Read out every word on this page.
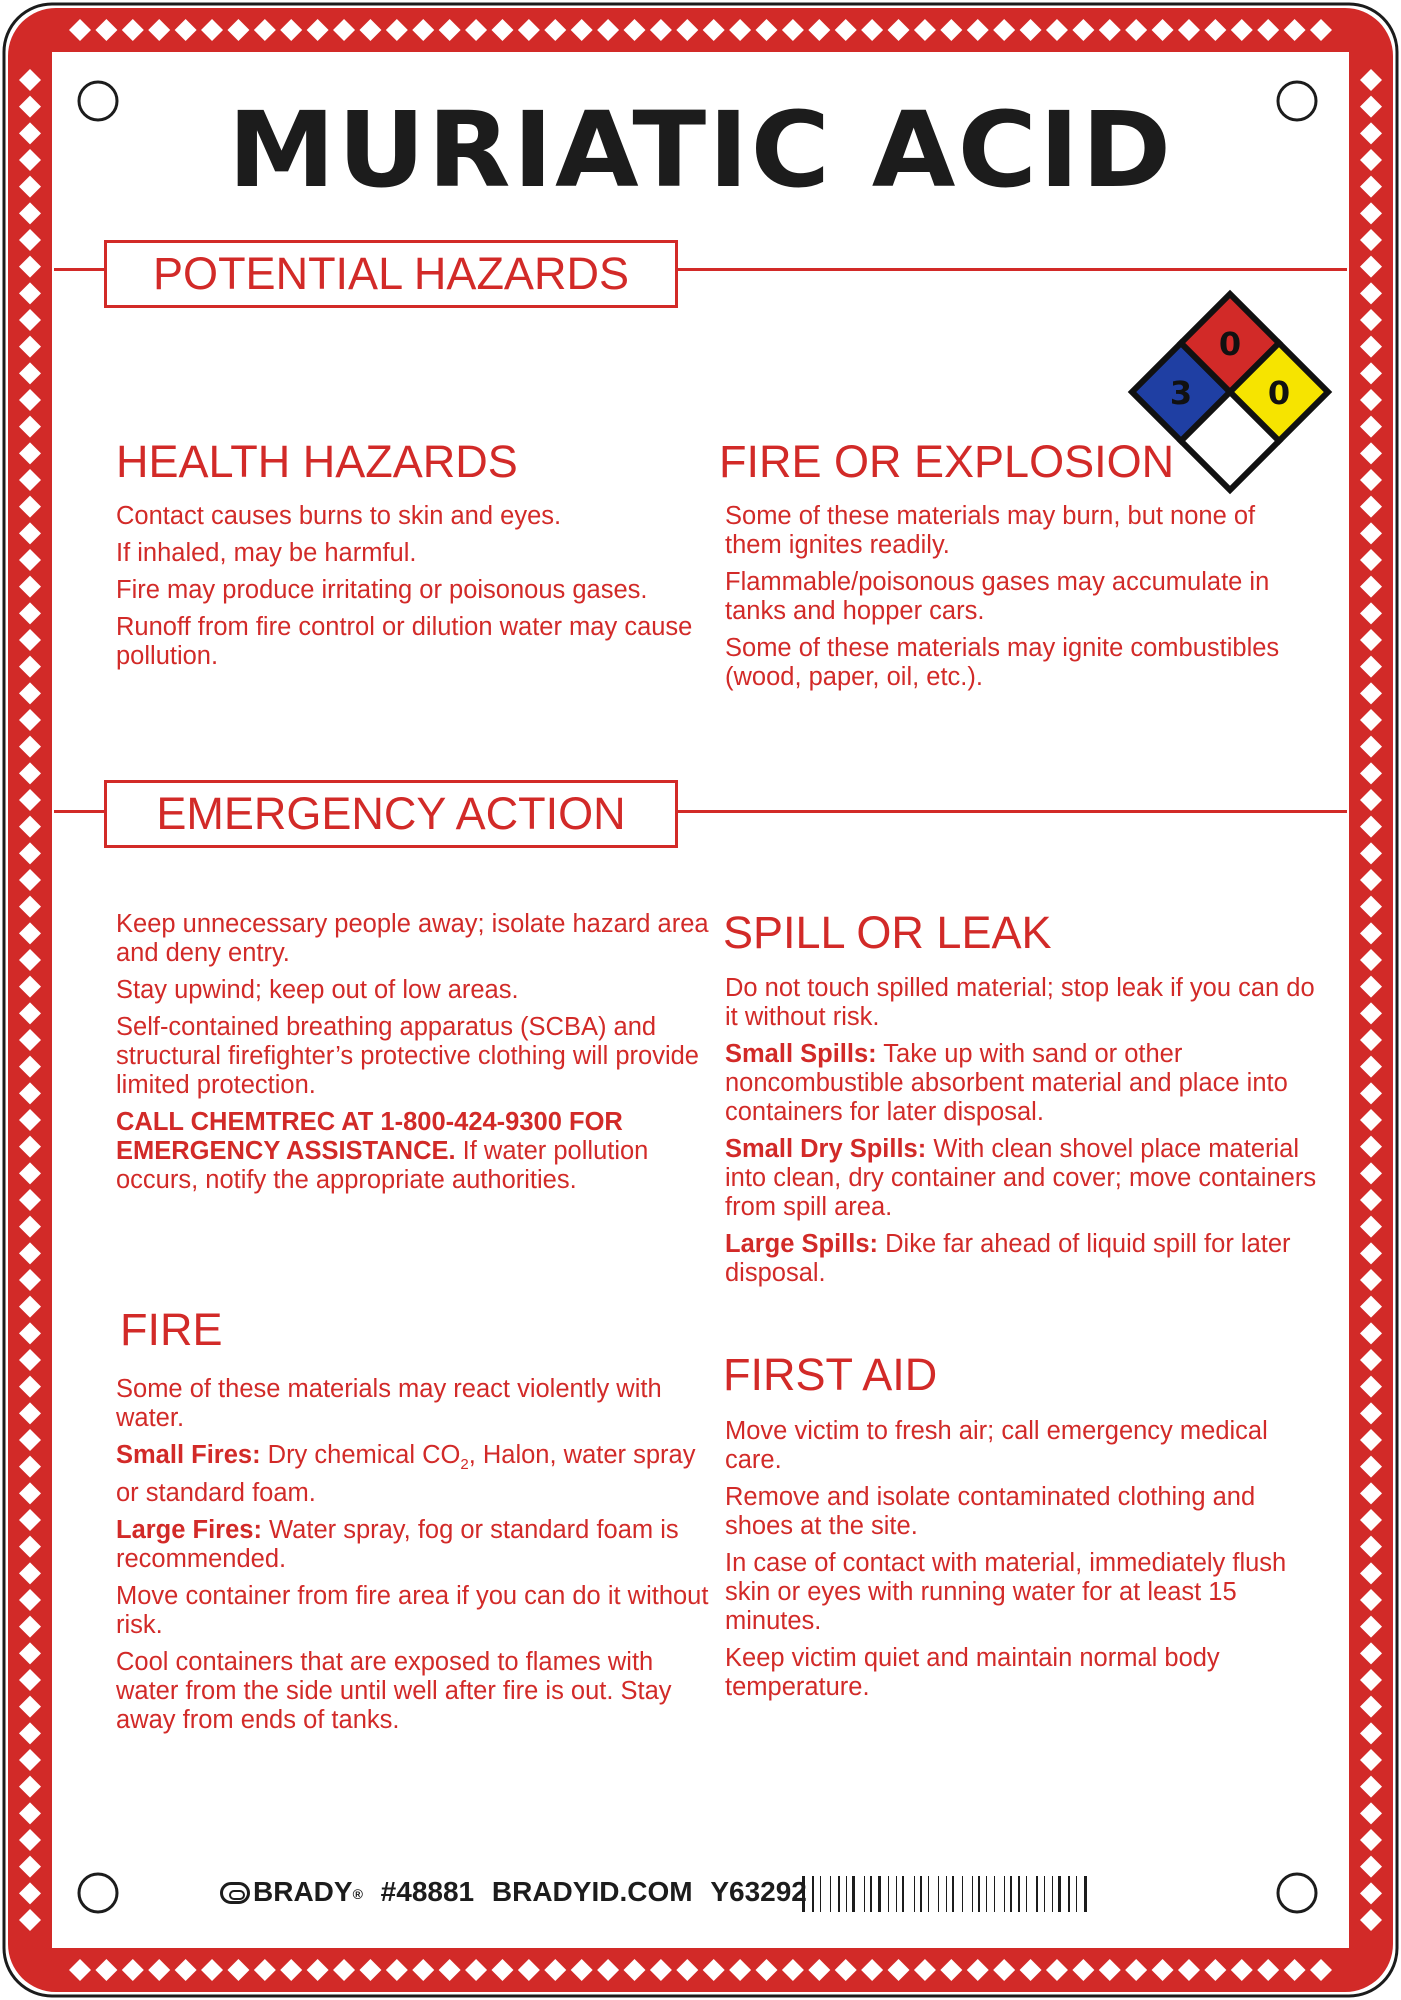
3
0
0
MURIATIC ACID
POTENTIAL HAZARDS
HEALTH HAZARDS

Contact causes burns to skin and eyes.

If inhaled, may be harmful.

Fire may produce irritating or poisonous gases.

Runoff from fire control or dilution water may cause pollution.

FIRE OR EXPLOSION

Some of these materials may burn, but none of them ignites readily.

Flammable/poisonous gases may accumulate in tanks and hopper cars.

Some of these materials may ignite combustibles (wood, paper, oil, etc.).

EMERGENCY ACTION

Keep unnecessary people away; isolate hazard area and deny entry.

Stay upwind; keep out of low areas.

Self-contained breathing apparatus (SCBA) and structural firefighter’s protective clothing will provide limited protection.

CALL CHEMTREC AT 1-800-424-9300 FOR EMERGENCY ASSISTANCE. If water pollution occurs, notify the appropriate authorities.

FIRE

Some of these materials may react violently with water.

Small Fires: Dry chemical $CO_2$, Halon, water spray or standard foam.

Large Fires: Water spray, fog or standard foam is recommended.

Move container from fire area if you can do it without risk.

Cool containers that are exposed to flames with water from the side until well after fire is out. Stay away from ends of tanks.

SPILL OR LEAK

Do not touch spilled material; stop leak if you can do it without risk.

Small Spills: Take up with sand or other noncombustible absorbent material and place into containers for later disposal.

Small Dry Spills: With clean shovel place material into clean, dry container and cover; move containers from spill area.

Large Spills: Dike far ahead of liquid spill for later disposal.

FIRST AID

Move victim to fresh air; call emergency medical care.

Remove and isolate contaminated clothing and shoes at the site.

In case of contact with material, immediately flush skin or eyes with running water for at least 15 minutes.

Keep victim quiet and maintain normal body temperature.

BRADY® #48881 BRADYID.COM Y63292
